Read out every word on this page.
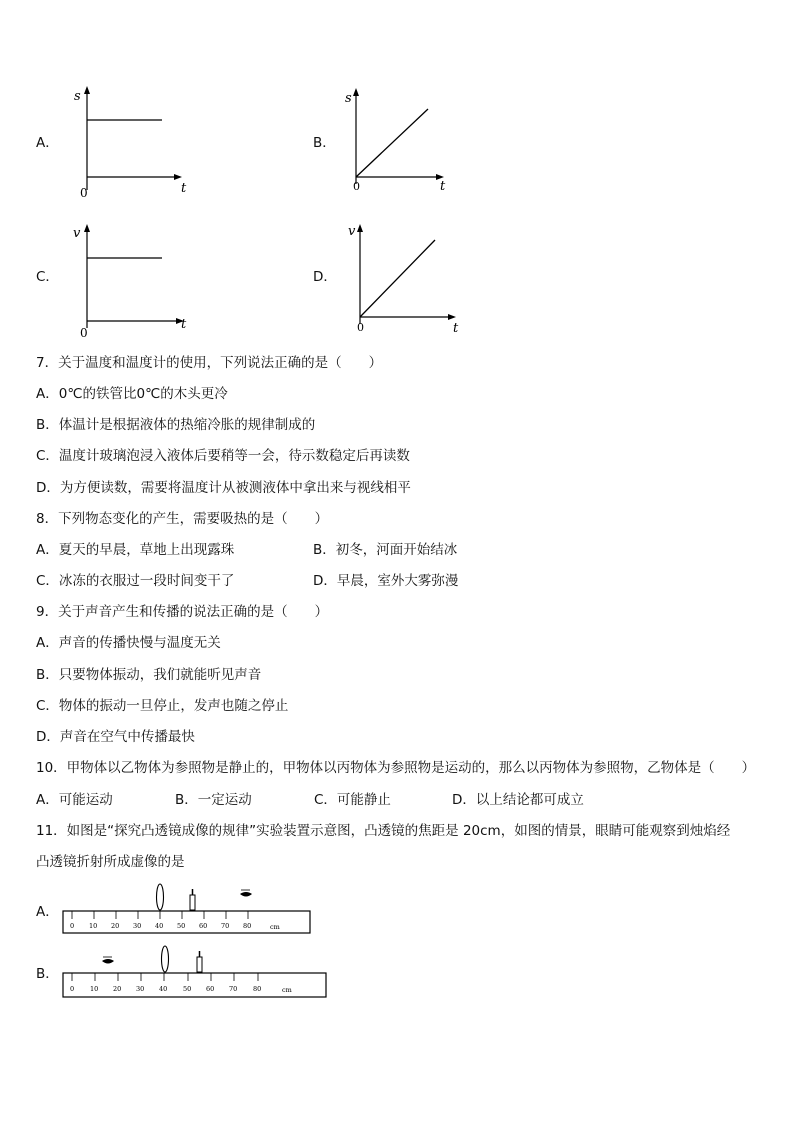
A．
s
t
0
B．
s
t
0
C．
v
t
0
D．
v
t
0
7．关于温度和温度计的使用，下列说法正确的是（　　）
A．0℃的铁管比0℃的木头更冷
B．体温计是根据液体的热缩冷胀的规律制成的
C．温度计玻璃泡浸入液体后要稍等一会，待示数稳定后再读数
D．为方便读数，需要将温度计从被测液体中拿出来与视线相平
8．下列物态变化的产生，需要吸热的是（　　）
A．夏天的早晨，草地上出现露珠	B．初冬，河面开始结冰
C．冰冻的衣服过一段时间变干了	D．早晨，室外大雾弥漫
9．关于声音产生和传播的说法正确的是（　　）
A．声音的传播快慢与温度无关
B．只要物体振动，我们就能听见声音
C．物体的振动一旦停止，发声也随之停止
D．声音在空气中传播最快
10．甲物体以乙物体为参照物是静止的，甲物体以丙物体为参照物是运动的，那么以丙物体为参照物，乙物体是（　　）
A．可能运动	B．一定运动	C．可能静止	D．以上结论都可成立
11．如图是“探究凸透镜成像的规律”实验装置示意图，凸透镜的焦距是 20cm，如图的情景，眼睛可能观察到烛焰经
凸透镜折射所成虚像的是
A．
0 10 20 30 40 50 60 70 80	cm
B．
0 10 20 30 40 50 60 70 80	cm
